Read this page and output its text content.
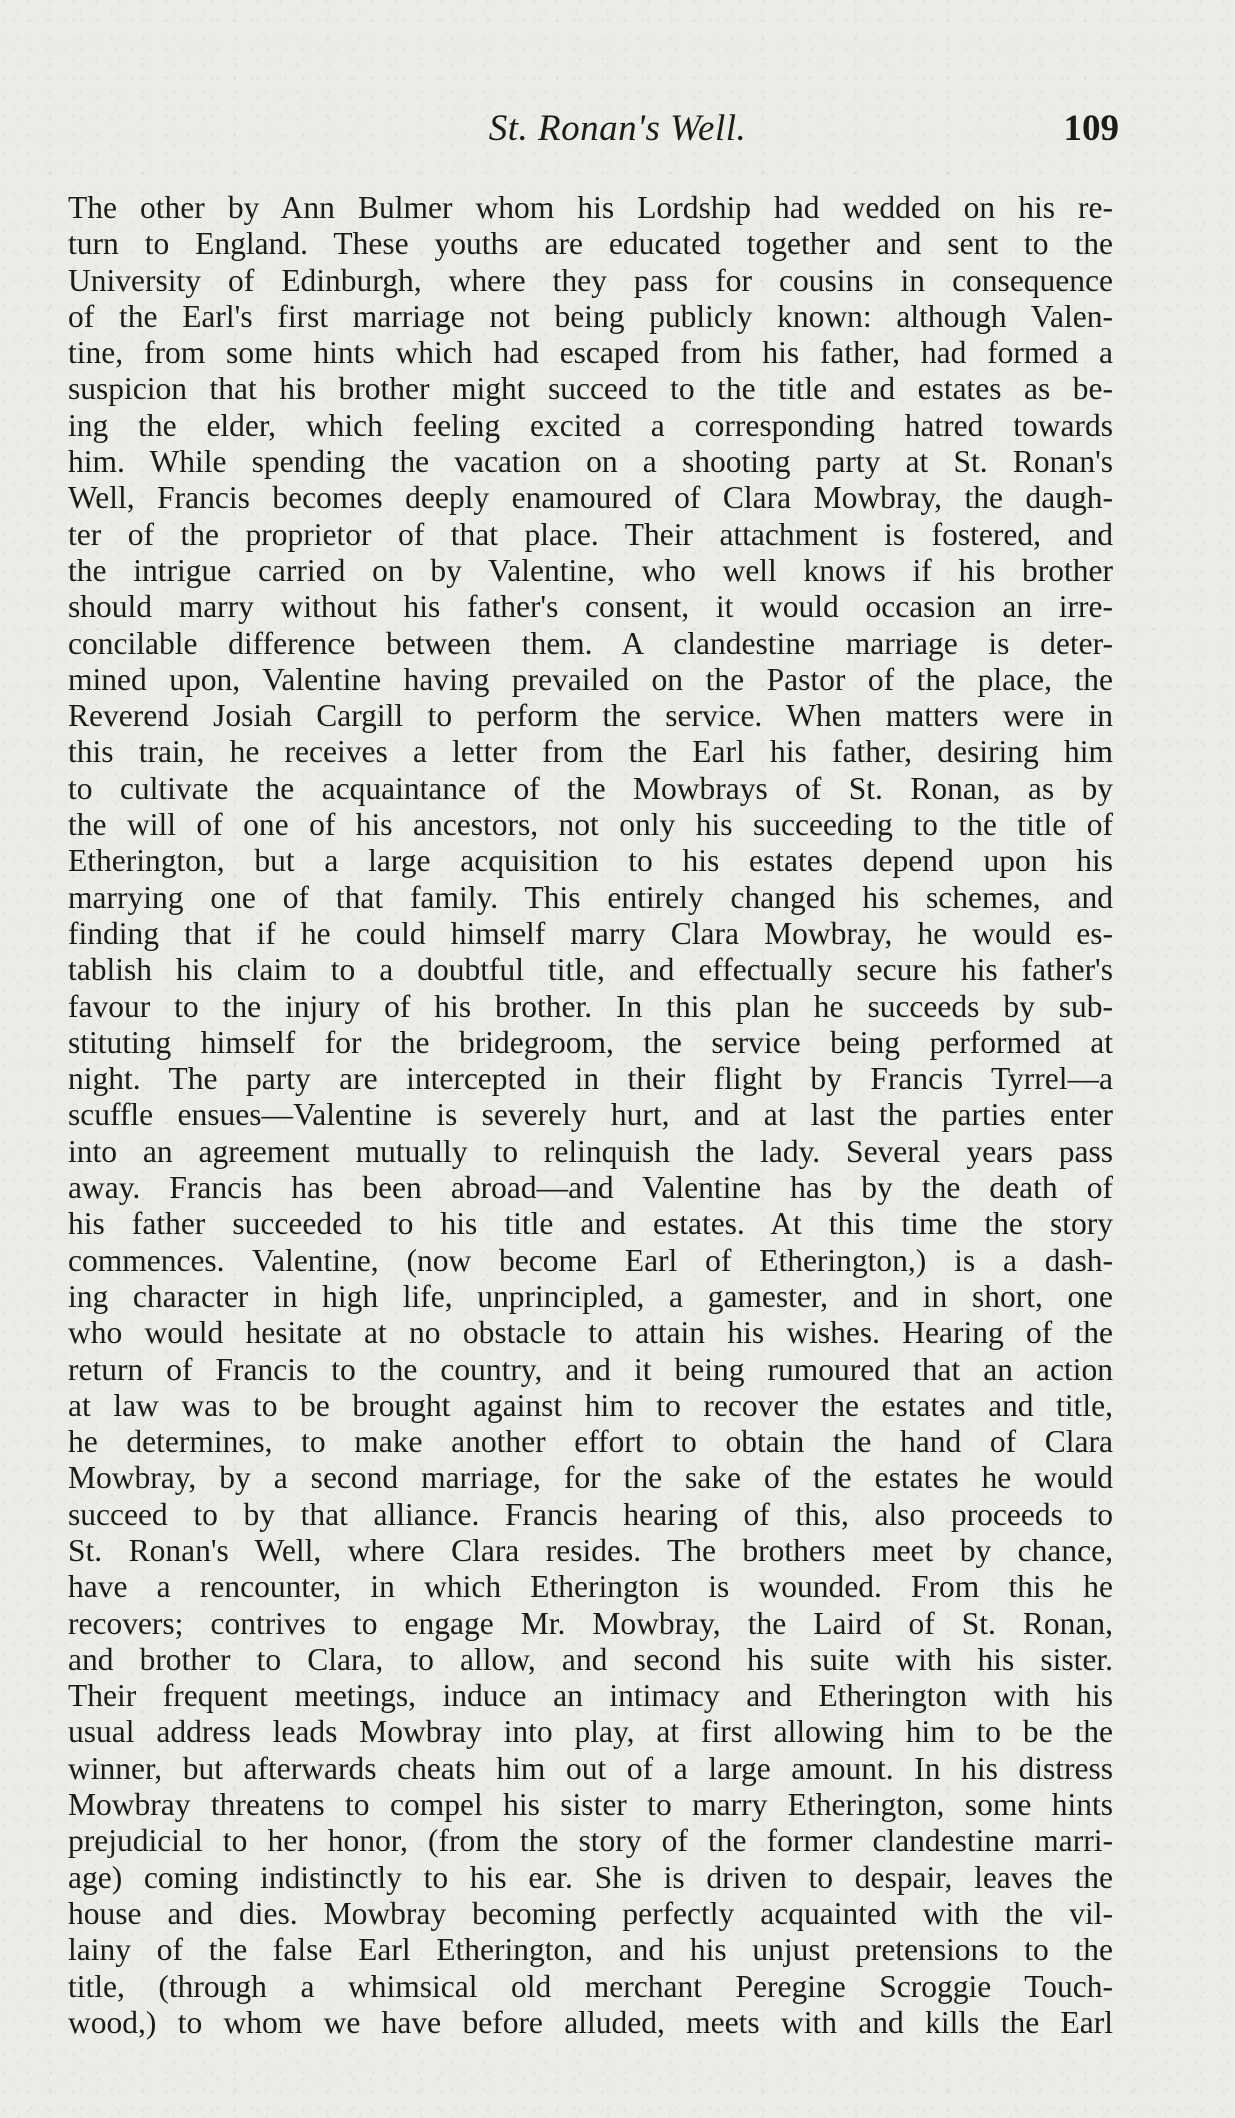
St. Ronan's Well.	109
The other by Ann Bulmer whom his Lordship had wedded on his re-
turn to England. These youths are educated together and sent to the
University of Edinburgh, where they pass for cousins in consequence
of the Earl's first marriage not being publicly known: although Valen-
tine, from some hints which had escaped from his father, had formed a
suspicion that his brother might succeed to the title and estates as be-
ing the elder, which feeling excited a corresponding hatred towards
him. While spending the vacation on a shooting party at St. Ronan's
Well, Francis becomes deeply enamoured of Clara Mowbray, the daugh-
ter of the proprietor of that place. Their attachment is fostered, and
the intrigue carried on by Valentine, who well knows if his brother
should marry without his father's consent, it would occasion an irre-
concilable difference between them. A clandestine marriage is deter-
mined upon, Valentine having prevailed on the Pastor of the place, the
Reverend Josiah Cargill to perform the service. When matters were in
this train, he receives a letter from the Earl his father, desiring him
to cultivate the acquaintance of the Mowbrays of St. Ronan, as by
the will of one of his ancestors, not only his succeeding to the title of
Etherington, but a large acquisition to his estates depend upon his
marrying one of that family. This entirely changed his schemes, and
finding that if he could himself marry Clara Mowbray, he would es-
tablish his claim to a doubtful title, and effectually secure his father's
favour to the injury of his brother. In this plan he succeeds by sub-
stituting himself for the bridegroom, the service being performed at
night. The party are intercepted in their flight by Francis Tyrrel—a
scuffle ensues—Valentine is severely hurt, and at last the parties enter
into an agreement mutually to relinquish the lady. Several years pass
away. Francis has been abroad—and Valentine has by the death of
his father succeeded to his title and estates. At this time the story
commences. Valentine, (now become Earl of Etherington,) is a dash-
ing character in high life, unprincipled, a gamester, and in short, one
who would hesitate at no obstacle to attain his wishes. Hearing of the
return of Francis to the country, and it being rumoured that an action
at law was to be brought against him to recover the estates and title,
he determines, to make another effort to obtain the hand of Clara
Mowbray, by a second marriage, for the sake of the estates he would
succeed to by that alliance. Francis hearing of this, also proceeds to
St. Ronan's Well, where Clara resides. The brothers meet by chance,
have a rencounter, in which Etherington is wounded. From this he
recovers; contrives to engage Mr. Mowbray, the Laird of St. Ronan,
and brother to Clara, to allow, and second his suite with his sister.
Their frequent meetings, induce an intimacy and Etherington with his
usual address leads Mowbray into play, at first allowing him to be the
winner, but afterwards cheats him out of a large amount. In his distress
Mowbray threatens to compel his sister to marry Etherington, some hints
prejudicial to her honor, (from the story of the former clandestine marri-
age) coming indistinctly to his ear. She is driven to despair, leaves the
house and dies. Mowbray becoming perfectly acquainted with the vil-
lainy of the false Earl Etherington, and his unjust pretensions to the
title, (through a whimsical old merchant Peregine Scroggie Touch-
wood,) to whom we have before alluded, meets with and kills the Earl
